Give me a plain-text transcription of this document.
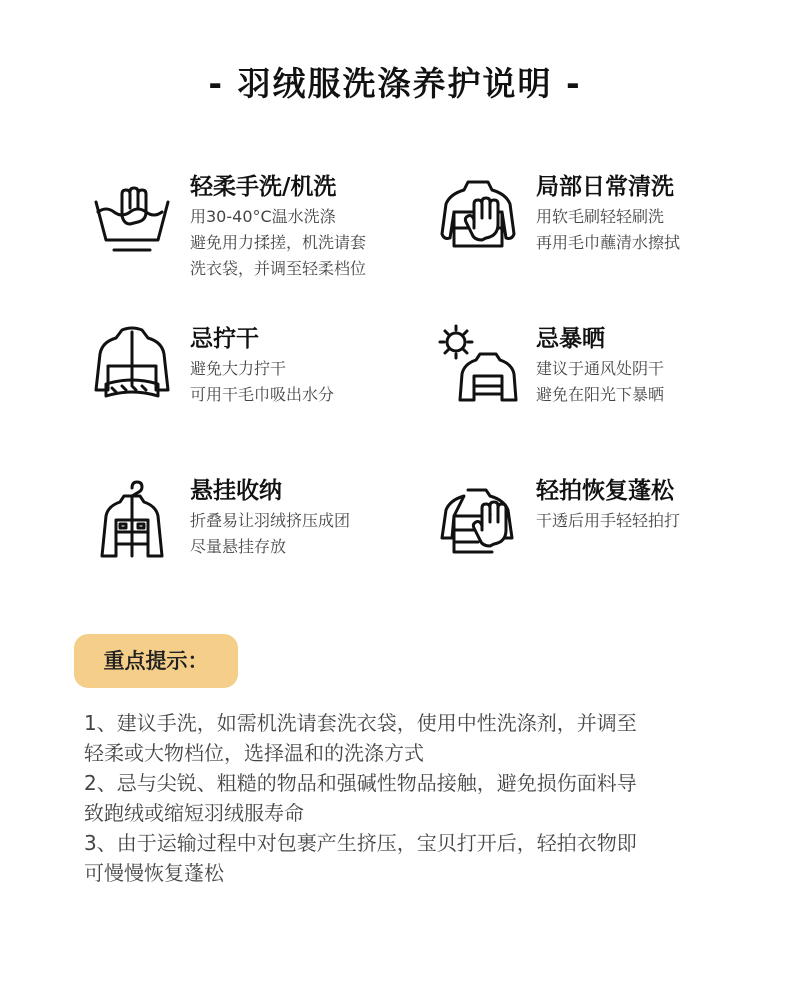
- 羽绒服洗涤养护说明 -
轻柔手洗/机洗
用30-40°C温水洗涤
避免用力揉搓，机洗请套
洗衣袋，并调至轻柔档位
局部日常清洗
用软毛刷轻轻刷洗
再用毛巾蘸清水擦拭
忌拧干
避免大力拧干
可用干毛巾吸出水分
忌暴晒
建议于通风处阴干
避免在阳光下暴晒
悬挂收纳
折叠易让羽绒挤压成团
尽量悬挂存放
轻拍恢复蓬松
干透后用手轻轻拍打
重点提示：
1、建议手洗，如需机洗请套洗衣袋，使用中性洗涤剂，并调至
轻柔或大物档位，选择温和的洗涤方式
2、忌与尖锐、粗糙的物品和强碱性物品接触，避免损伤面料导
致跑绒或缩短羽绒服寿命
3、由于运输过程中对包裹产生挤压，宝贝打开后，轻拍衣物即
可慢慢恢复蓬松
